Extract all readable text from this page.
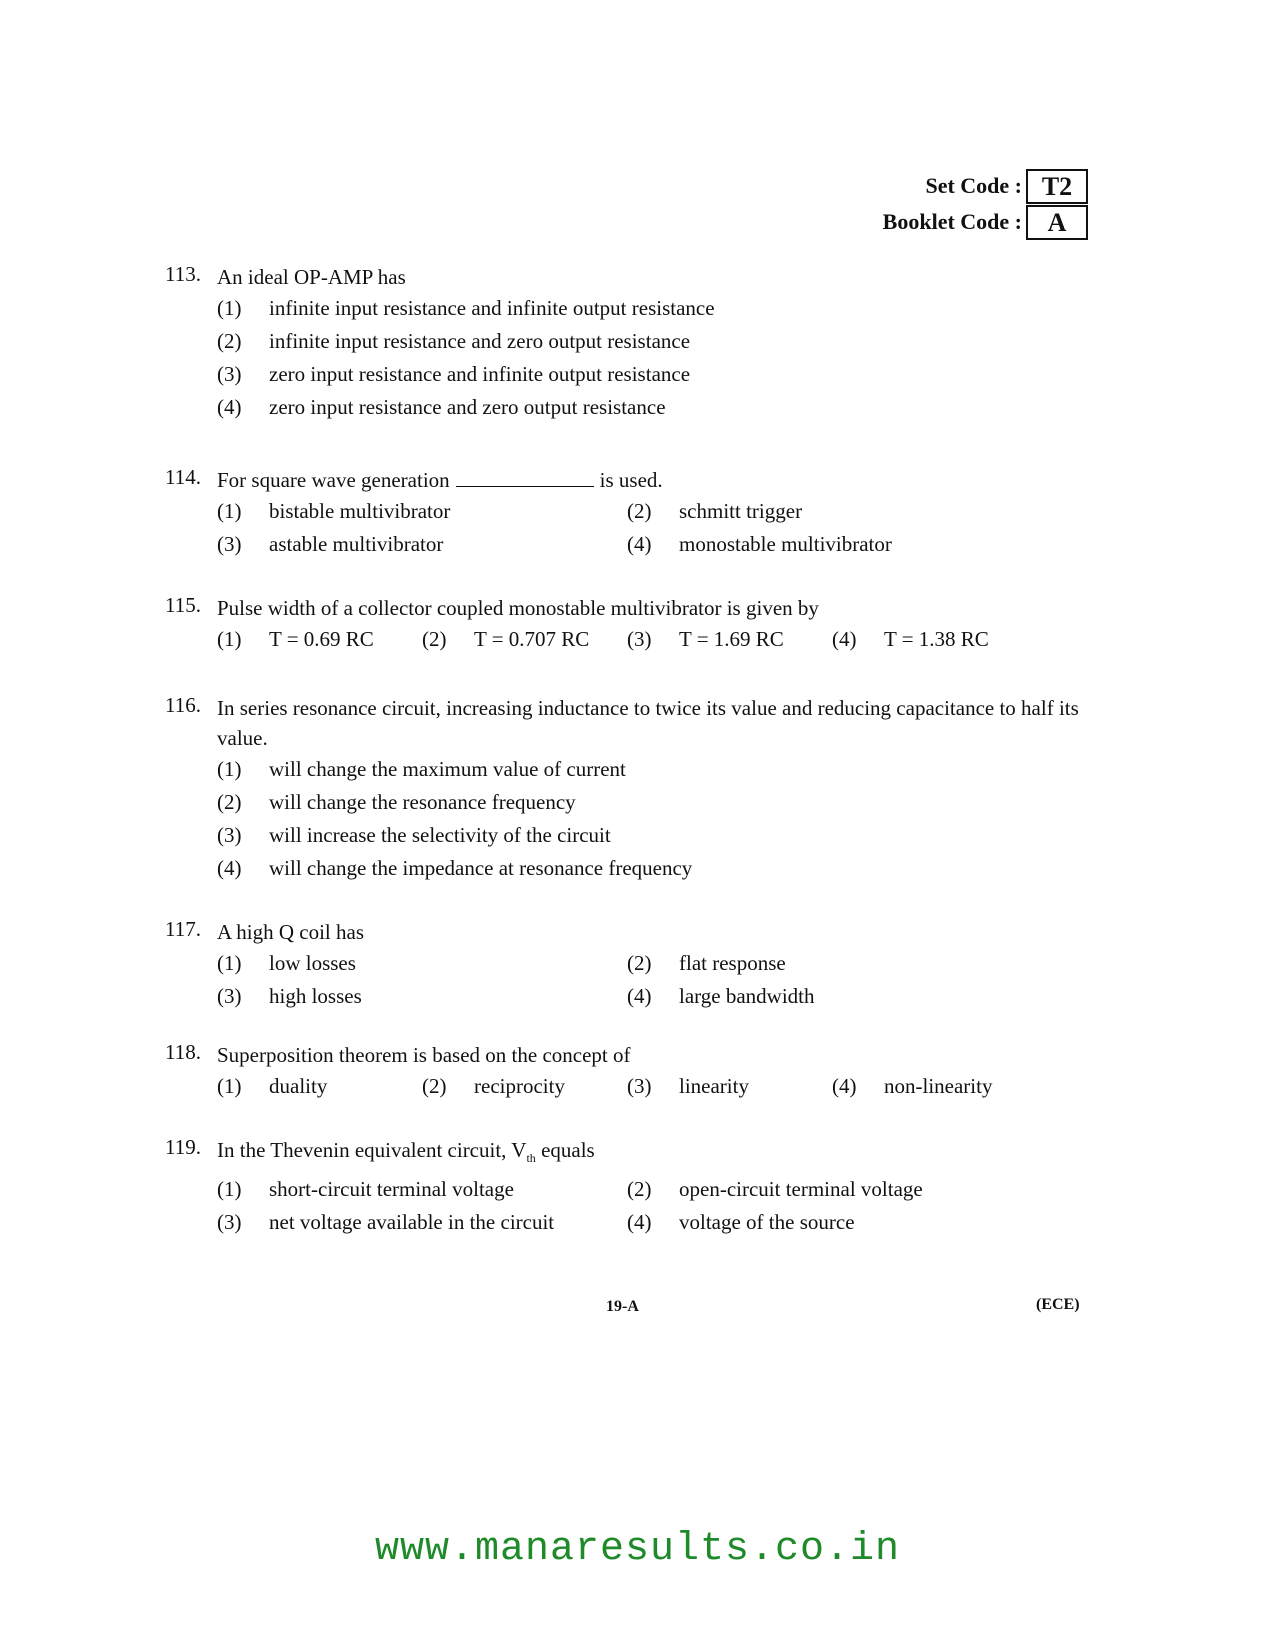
Set Code : T2
Booklet Code : A
113. An ideal OP-AMP has
(1)	infinite input resistance and infinite output resistance
(2)	infinite input resistance and zero output resistance
(3)	zero input resistance and infinite output resistance
(4)	zero input resistance and zero output resistance
114. For square wave generation	is used.
(1)	bistable multivibrator	(2)	schmitt trigger
(3)	astable multivibrator	(4)	monostable multivibrator
115. Pulse width of a collector coupled monostable multivibrator is given by
(1)	T = 0.69 RC (2)	T = 0.707 RC (3)	T = 1.69 RC (4)	T = 1.38 RC
116. In series resonance circuit, increasing inductance to twice its value and reducing capacitance to half its value.
(1)	will change the maximum value of current
(2)	will change the resonance frequency
(3)	will increase the selectivity of the circuit
(4)	will change the impedance at resonance frequency
117. A high Q coil has
(1)	low losses	(2)	flat response
(3)	high losses	(4)	large bandwidth
118. Superposition theorem is based on the concept of
(1)	duality	(2)	reciprocity	(3)	linearity	(4)	non-linearity
119. In the Thevenin equivalent circuit, $V_{th}$ equals
(1)	short-circuit terminal voltage	(2)	open-circuit terminal voltage
(3)	net voltage available in the circuit	(4)	voltage of the source
19-A	(ECE)
www.manaresults.co.in
